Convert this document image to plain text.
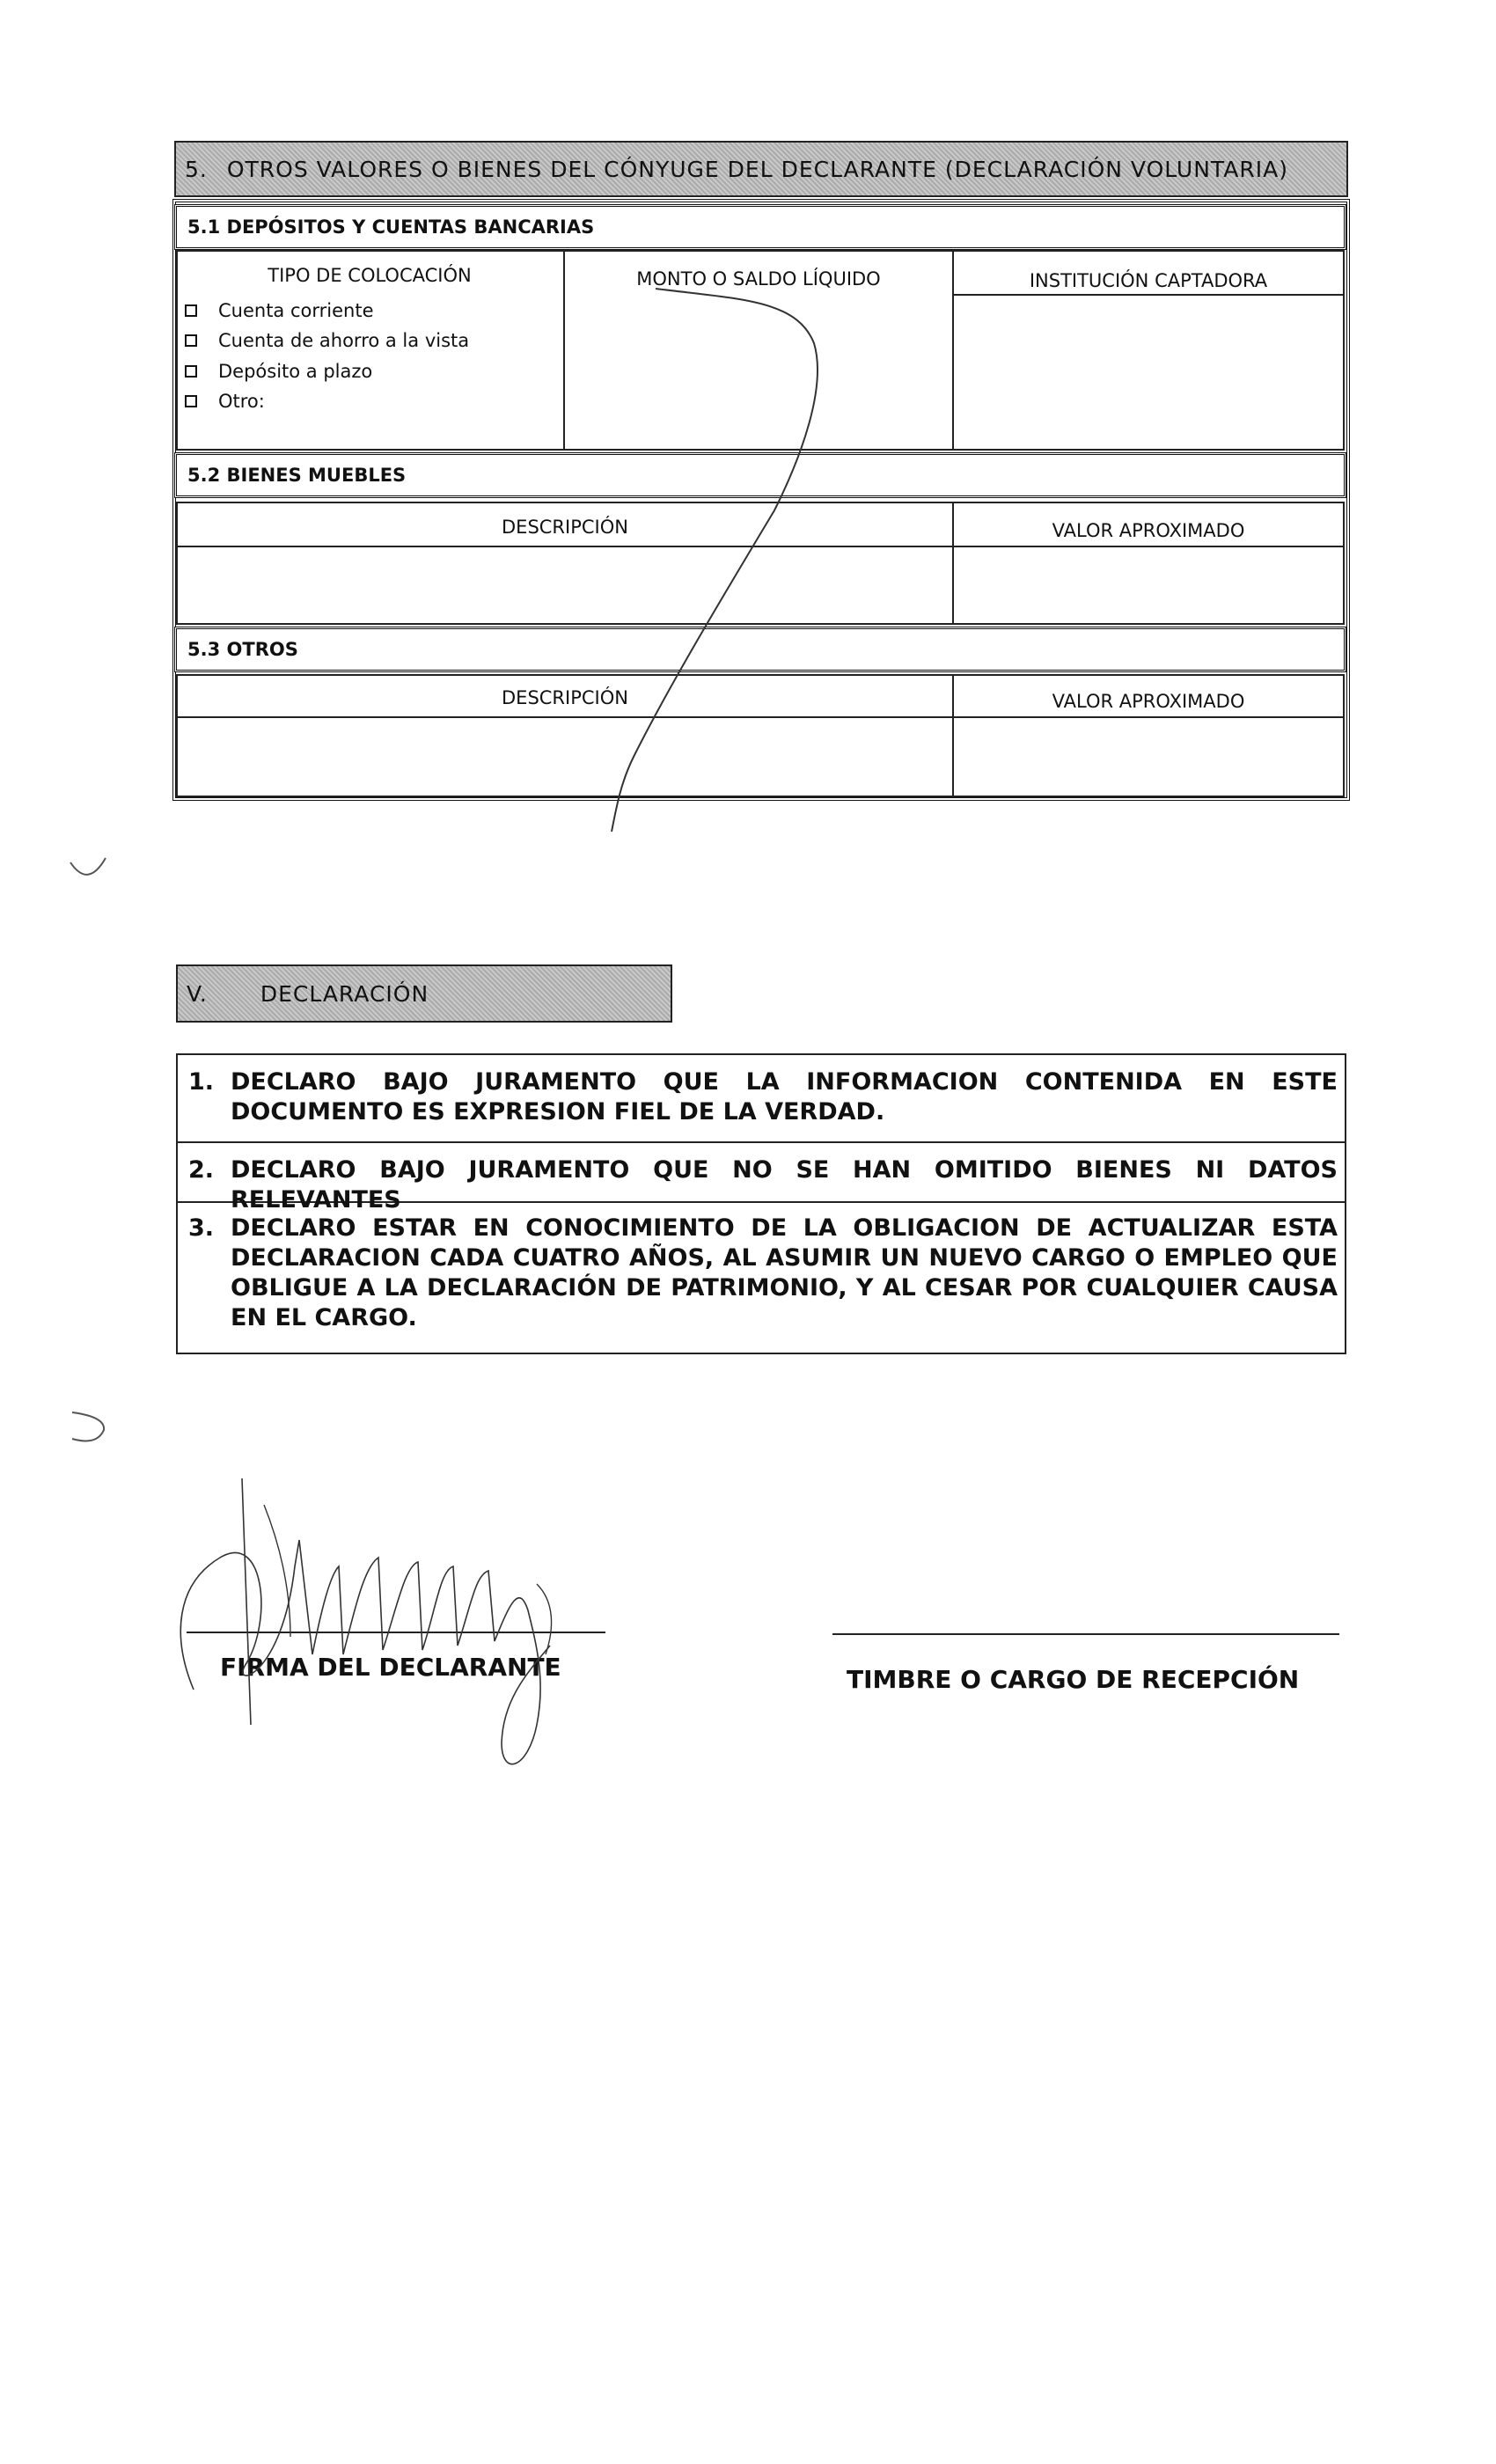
5. OTROS VALORES O BIENES DEL CÓNYUGE DEL DECLARANTE (DECLARACIÓN VOLUNTARIA)
5.1 DEPÓSITOS Y CUENTAS BANCARIAS
TIPO DE COLOCACIÓN	MONTO O SALDO LÍQUIDO	INSTITUCIÓN CAPTADORA
Cuenta corriente
Cuenta de ahorro a la vista
Depósito a plazo
Otro:
5.2 BIENES MUEBLES
DESCRIPCIÓN	VALOR APROXIMADO
5.3 OTROS
DESCRIPCIÓN	VALOR APROXIMADO
V. DECLARACIÓN
1. DECLARO BAJO JURAMENTO QUE LA INFORMACION CONTENIDA EN ESTE DOCUMENTO ES EXPRESION FIEL DE LA VERDAD.
2. DECLARO BAJO JURAMENTO QUE NO SE HAN OMITIDO BIENES NI DATOS RELEVANTES
3. DECLARO ESTAR EN CONOCIMIENTO DE LA OBLIGACION DE ACTUALIZAR ESTA DECLARACION CADA CUATRO AÑOS, AL ASUMIR UN NUEVO CARGO O EMPLEO QUE OBLIGUE A LA DECLARACIÓN DE PATRIMONIO, Y AL CESAR POR CUALQUIER CAUSA EN EL CARGO.
FIRMA DEL DECLARANTE	TIMBRE O CARGO DE RECEPCIÓN
